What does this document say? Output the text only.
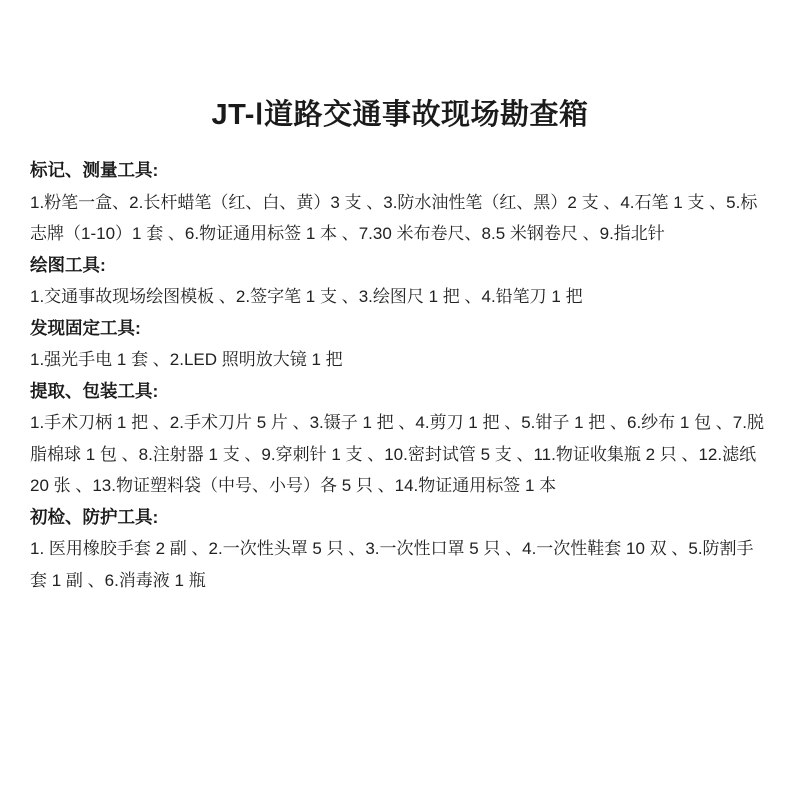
JT-Ⅰ道路交通事故现场勘查箱
标记、测量工具:

1.粉笔一盒、2.长杆蜡笔（红、白、黄）3 支 、3.防水油性笔（红、黑）2 支 、4.石笔 1 支 、5.标志牌（1-10）1 套 、6.物证通用标签 1 本 、7.30 米布卷尺、8.5 米钢卷尺 、9.指北针

绘图工具:

1.交通事故现场绘图模板 、2.签字笔 1 支 、3.绘图尺 1 把 、4.铅笔刀 1 把

发现固定工具:

1.强光手电 1 套 、2.LED 照明放大镜 1 把

提取、包装工具:

1.手术刀柄 1 把 、2.手术刀片 5 片 、3.镊子 1 把 、4.剪刀 1 把 、5.钳子 1 把 、6.纱布 1 包 、7.脱脂棉球 1 包 、8.注射器 1 支 、9.穿刺针 1 支 、10.密封试管 5 支 、11.物证收集瓶 2 只 、12.滤纸 20 张 、13.物证塑料袋（中号、小号）各 5 只 、14.物证通用标签 1 本

初检、防护工具:

1. 医用橡胶手套 2 副 、2.一次性头罩 5 只 、3.一次性口罩 5 只 、4.一次性鞋套 10 双 、5.防割手套 1 副 、6.消毒液 1 瓶
